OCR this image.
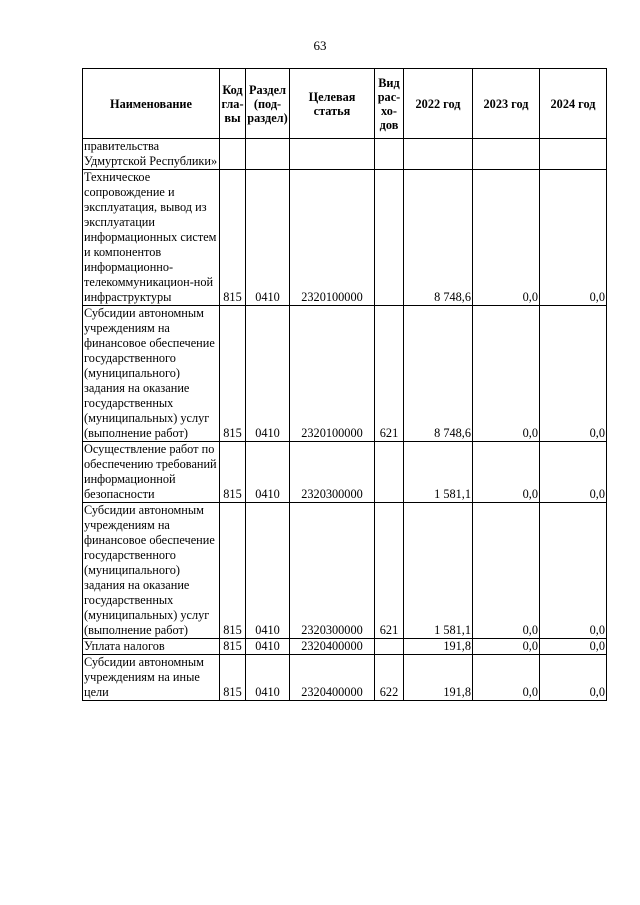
63
Наименование	Код гла-вы	Раздел (под-раздел)	Целевая статья	Вид рас-хо-дов	2022 год	2023 год	2024 год
правительства Удмуртской Республики»							
Техническое сопровождение и эксплуатация, вывод из эксплуатации информационных систем и компонентов информационно-телекоммуникацион-ной инфраструктуры	815	0410	2320100000		8 748,6	0,0	0,0
Субсидии автономным учреждениям на финансовое обеспечение государственного (муниципального) задания на оказание государственных (муниципальных) услуг (выполнение работ)	815	0410	2320100000	621	8 748,6	0,0	0,0
Осуществление работ по обеспечению требований информационной безопасности	815	0410	2320300000		1 581,1	0,0	0,0
Субсидии автономным учреждениям на финансовое обеспечение государственного (муниципального) задания на оказание государственных (муниципальных) услуг (выполнение работ)	815	0410	2320300000	621	1 581,1	0,0	0,0
Уплата налогов	815	0410	2320400000		191,8	0,0	0,0
Субсидии автономным учреждениям на иные цели	815	0410	2320400000	622	191,8	0,0	0,0
